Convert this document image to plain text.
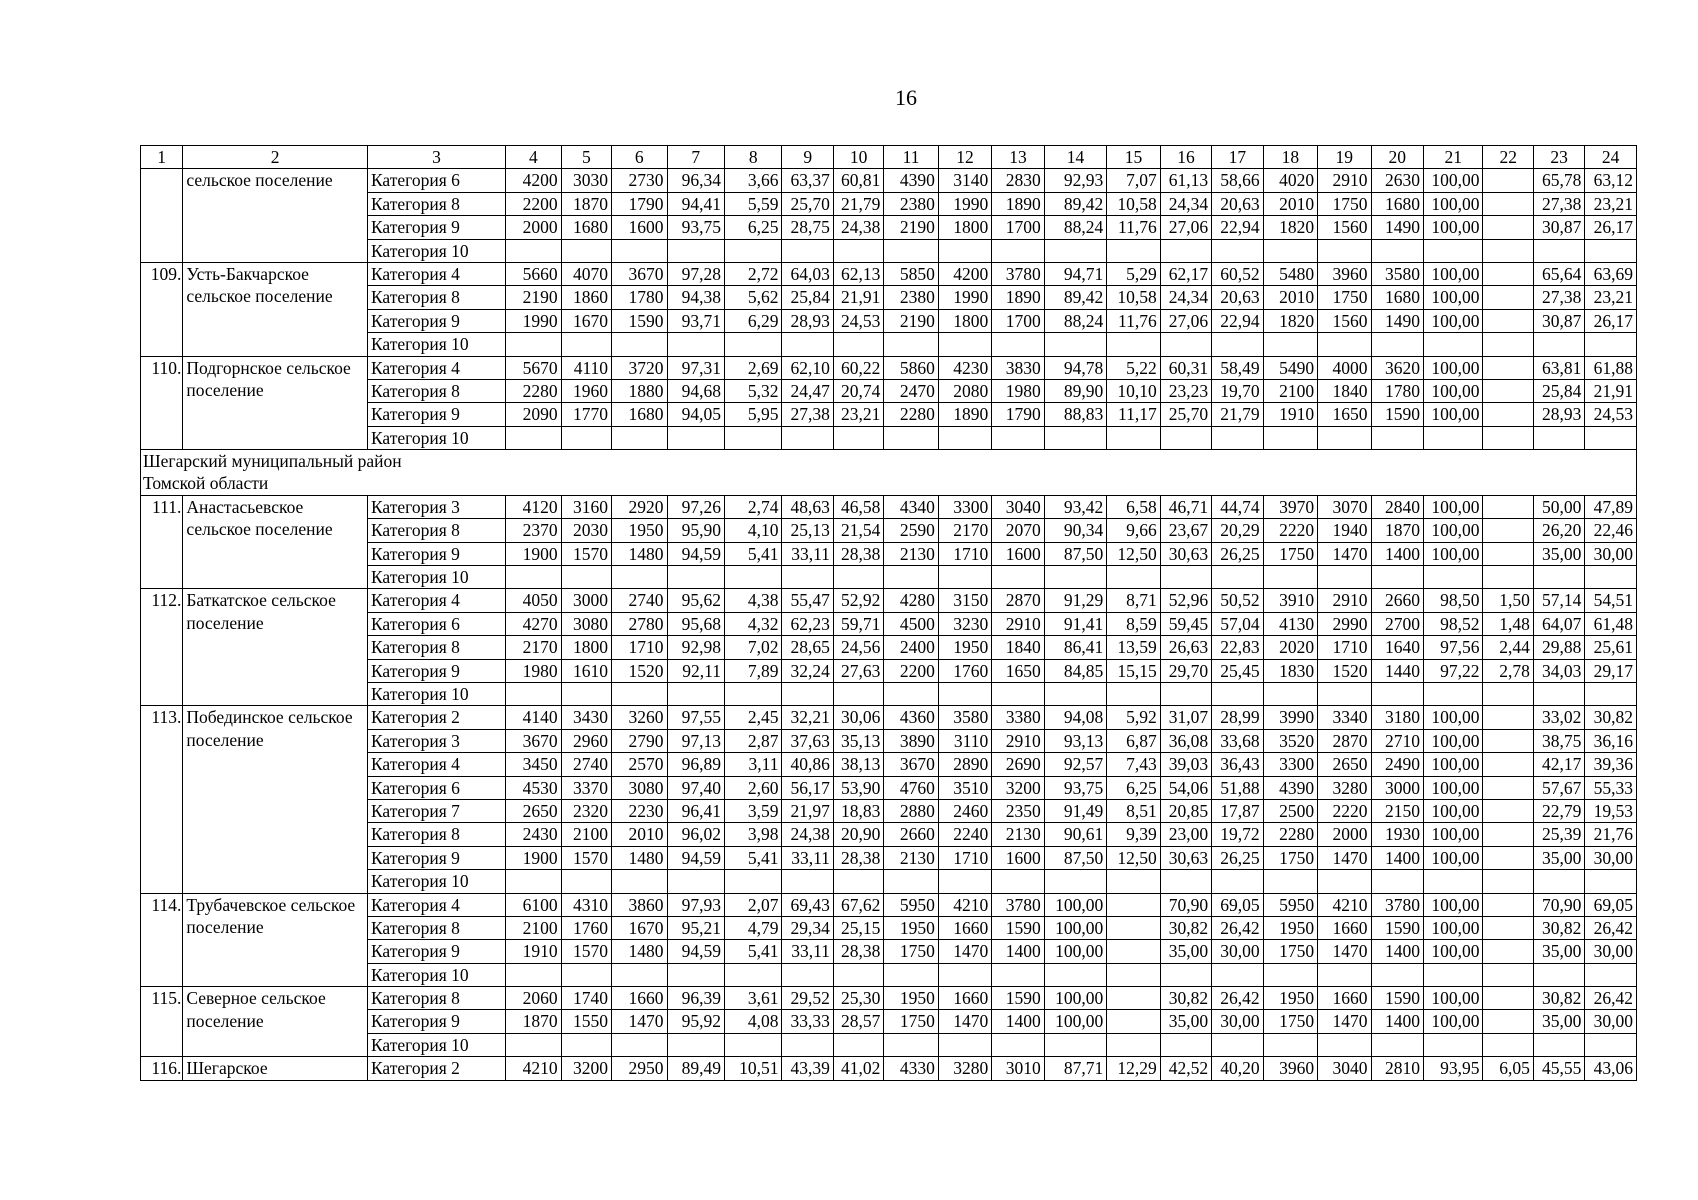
16
1	2	3	4	5	6	7	8	9	10	11	12	13	14	15	16	17	18	19	20	21	22	23	24
	сельское поселение	Категория 6	4200	3030	2730	96,34	3,66	63,37	60,81	4390	3140	2830	92,93	7,07	61,13	58,66	4020	2910	2630	100,00		65,78	63,12
		Категория 8	2200	1870	1790	94,41	5,59	25,70	21,79	2380	1990	1890	89,42	10,58	24,34	20,63	2010	1750	1680	100,00		27,38	23,21
		Категория 9	2000	1680	1600	93,75	6,25	28,75	24,38	2190	1800	1700	88,24	11,76	27,06	22,94	1820	1560	1490	100,00		30,87	26,17
		Категория 10																					
109.	Усть-Бакчарское сельское поселение	Категория 4	5660	4070	3670	97,28	2,72	64,03	62,13	5850	4200	3780	94,71	5,29	62,17	60,52	5480	3960	3580	100,00		65,64	63,69
		Категория 8	2190	1860	1780	94,38	5,62	25,84	21,91	2380	1990	1890	89,42	10,58	24,34	20,63	2010	1750	1680	100,00		27,38	23,21
		Категория 9	1990	1670	1590	93,71	6,29	28,93	24,53	2190	1800	1700	88,24	11,76	27,06	22,94	1820	1560	1490	100,00		30,87	26,17
		Категория 10																					
110.	Подгорнское сельское поселение	Категория 4	5670	4110	3720	97,31	2,69	62,10	60,22	5860	4230	3830	94,78	5,22	60,31	58,49	5490	4000	3620	100,00		63,81	61,88
		Категория 8	2280	1960	1880	94,68	5,32	24,47	20,74	2470	2080	1980	89,90	10,10	23,23	19,70	2100	1840	1780	100,00		25,84	21,91
		Категория 9	2090	1770	1680	94,05	5,95	27,38	23,21	2280	1890	1790	88,83	11,17	25,70	21,79	1910	1650	1590	100,00		28,93	24,53
		Категория 10																					

Шегарский муниципальный район Томской области																							

111.	Анастасьевское сельское поселение	Категория 3	4120	3160	2920	97,26	2,74	48,63	46,58	4340	3300	3040	93,42	6,58	46,71	44,74	3970	3070	2840	100,00		50,00	47,89
		Категория 8	2370	2030	1950	95,90	4,10	25,13	21,54	2590	2170	2070	90,34	9,66	23,67	20,29	2220	1940	1870	100,00		26,20	22,46
		Категория 9	1900	1570	1480	94,59	5,41	33,11	28,38	2130	1710	1600	87,50	12,50	30,63	26,25	1750	1470	1400	100,00		35,00	30,00
		Категория 10																					
112.	Баткатское сельское поселение	Категория 4	4050	3000	2740	95,62	4,38	55,47	52,92	4280	3150	2870	91,29	8,71	52,96	50,52	3910	2910	2660	98,50	1,50	57,14	54,51
		Категория 6	4270	3080	2780	95,68	4,32	62,23	59,71	4500	3230	2910	91,41	8,59	59,45	57,04	4130	2990	2700	98,52	1,48	64,07	61,48
		Категория 8	2170	1800	1710	92,98	7,02	28,65	24,56	2400	1950	1840	86,41	13,59	26,63	22,83	2020	1710	1640	97,56	2,44	29,88	25,61
		Категория 9	1980	1610	1520	92,11	7,89	32,24	27,63	2200	1760	1650	84,85	15,15	29,70	25,45	1830	1520	1440	97,22	2,78	34,03	29,17
		Категория 10																					
113.	Побединское сельское поселение	Категория 2	4140	3430	3260	97,55	2,45	32,21	30,06	4360	3580	3380	94,08	5,92	31,07	28,99	3990	3340	3180	100,00		33,02	30,82
		Категория 3	3670	2960	2790	97,13	2,87	37,63	35,13	3890	3110	2910	93,13	6,87	36,08	33,68	3520	2870	2710	100,00		38,75	36,16
		Категория 4	3450	2740	2570	96,89	3,11	40,86	38,13	3670	2890	2690	92,57	7,43	39,03	36,43	3300	2650	2490	100,00		42,17	39,36
		Категория 6	4530	3370	3080	97,40	2,60	56,17	53,90	4760	3510	3200	93,75	6,25	54,06	51,88	4390	3280	3000	100,00		57,67	55,33
		Категория 7	2650	2320	2230	96,41	3,59	21,97	18,83	2880	2460	2350	91,49	8,51	20,85	17,87	2500	2220	2150	100,00		22,79	19,53
		Категория 8	2430	2100	2010	96,02	3,98	24,38	20,90	2660	2240	2130	90,61	9,39	23,00	19,72	2280	2000	1930	100,00		25,39	21,76
		Категория 9	1900	1570	1480	94,59	5,41	33,11	28,38	2130	1710	1600	87,50	12,50	30,63	26,25	1750	1470	1400	100,00		35,00	30,00
		Категория 10																					
114.	Трубачевское сельское поселение	Категория 4	6100	4310	3860	97,93	2,07	69,43	67,62	5950	4210	3780	100,00		70,90	69,05	5950	4210	3780	100,00		70,90	69,05
		Категория 8	2100	1760	1670	95,21	4,79	29,34	25,15	1950	1660	1590	100,00		30,82	26,42	1950	1660	1590	100,00		30,82	26,42
		Категория 9	1910	1570	1480	94,59	5,41	33,11	28,38	1750	1470	1400	100,00		35,00	30,00	1750	1470	1400	100,00		35,00	30,00
		Категория 10																					
115.	Северное сельское поселение	Категория 8	2060	1740	1660	96,39	3,61	29,52	25,30	1950	1660	1590	100,00		30,82	26,42	1950	1660	1590	100,00		30,82	26,42
		Категория 9	1870	1550	1470	95,92	4,08	33,33	28,57	1750	1470	1400	100,00		35,00	30,00	1750	1470	1400	100,00		35,00	30,00
		Категория 10																					
116.	Шегарское	Категория 2	4210	3200	2950	89,49	10,51	43,39	41,02	4330	3280	3010	87,71	12,29	42,52	40,20	3960	3040	2810	93,95	6,05	45,55	43,06
